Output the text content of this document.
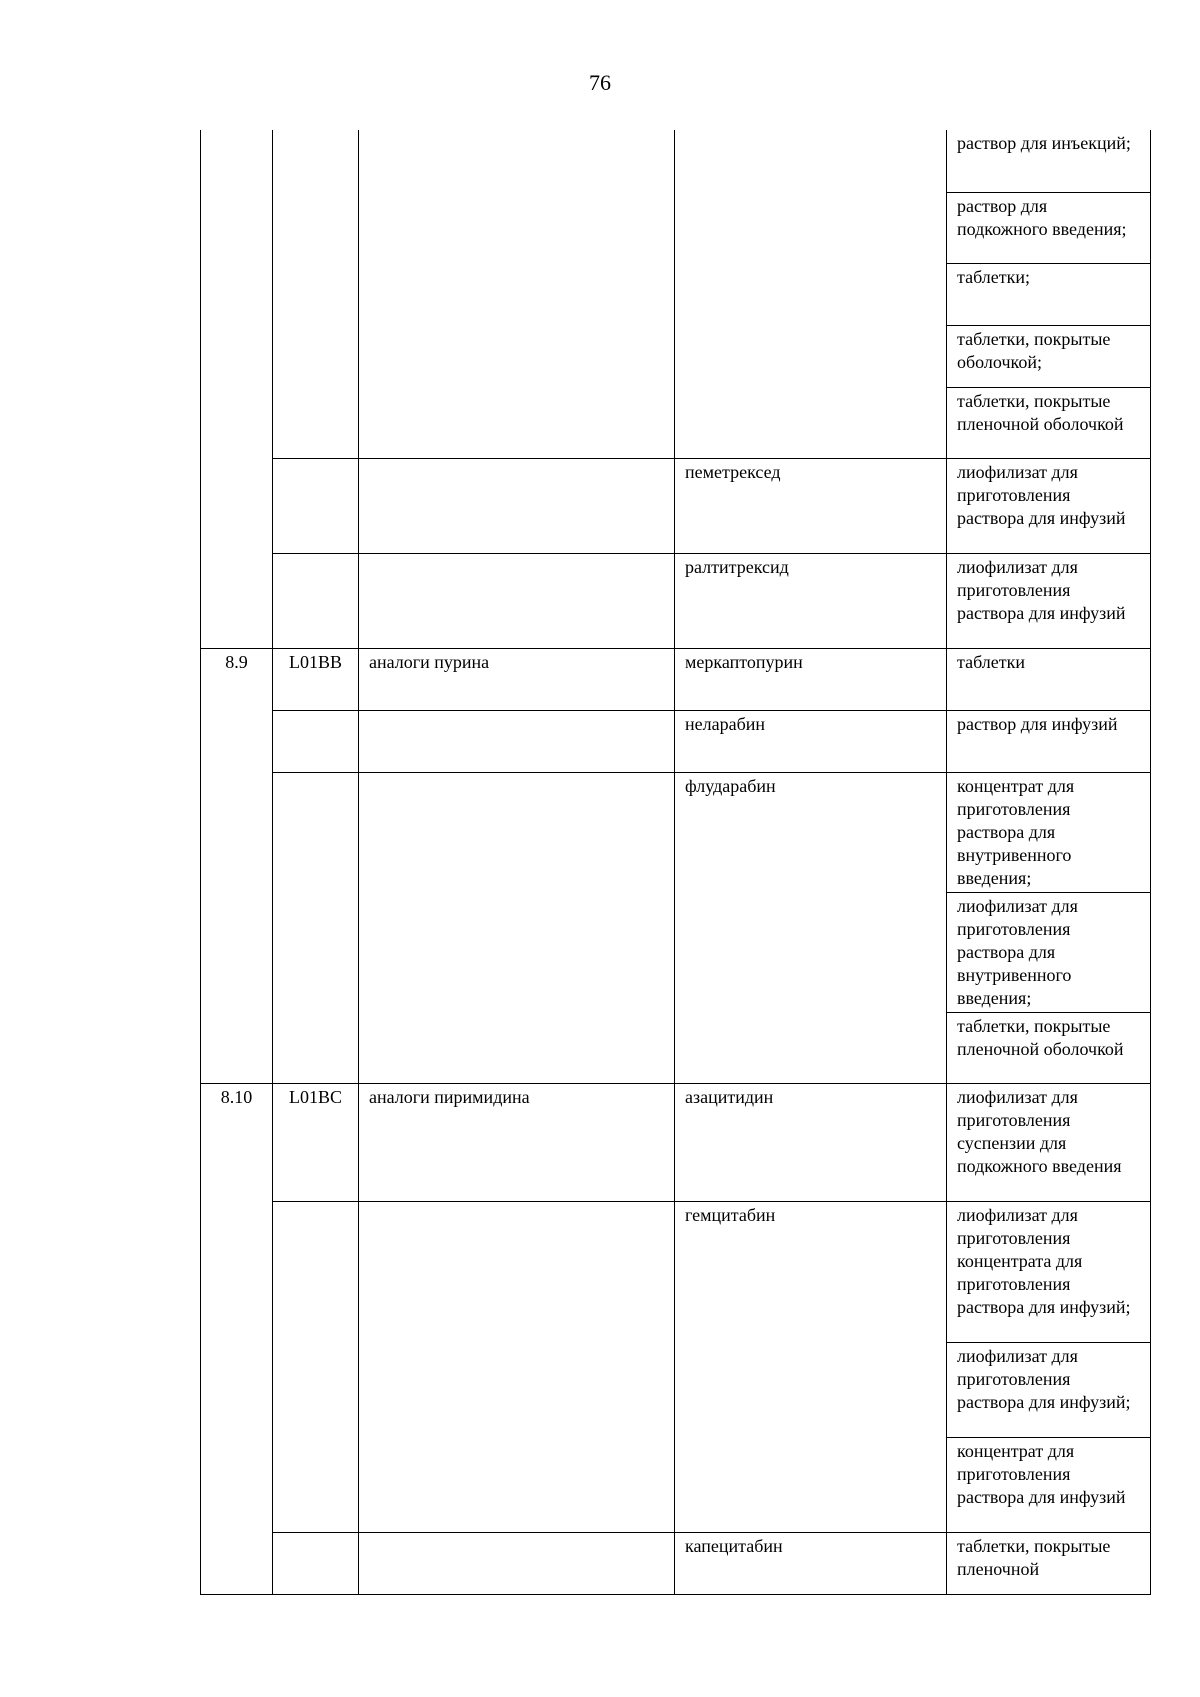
76
				раствор для инъекций;
				раствор для подкожного введения;
				таблетки;
				таблетки, покрытые оболочкой;
				таблетки, покрытые пленочной оболочкой
			пеметрексед	лиофилизат для приготовления раствора для инфузий
			ралтитрексид	лиофилизат для приготовления раствора для инфузий
8.9	L01BB	аналоги пурина	меркаптопурин	таблетки
			неларабин	раствор для инфузий
			флударабин	концентрат для приготовления раствора для внутривенного введения;
				лиофилизат для приготовления раствора для внутривенного введения;
				таблетки, покрытые пленочной оболочкой
8.10	L01BC	аналоги пиримидина	азацитидин	лиофилизат для приготовления суспензии для подкожного введения
			гемцитабин	лиофилизат для приготовления концентрата для приготовления раствора для инфузий;
				лиофилизат для приготовления раствора для инфузий;
				концентрат для приготовления раствора для инфузий
			капецитабин	таблетки, покрытые пленочной
